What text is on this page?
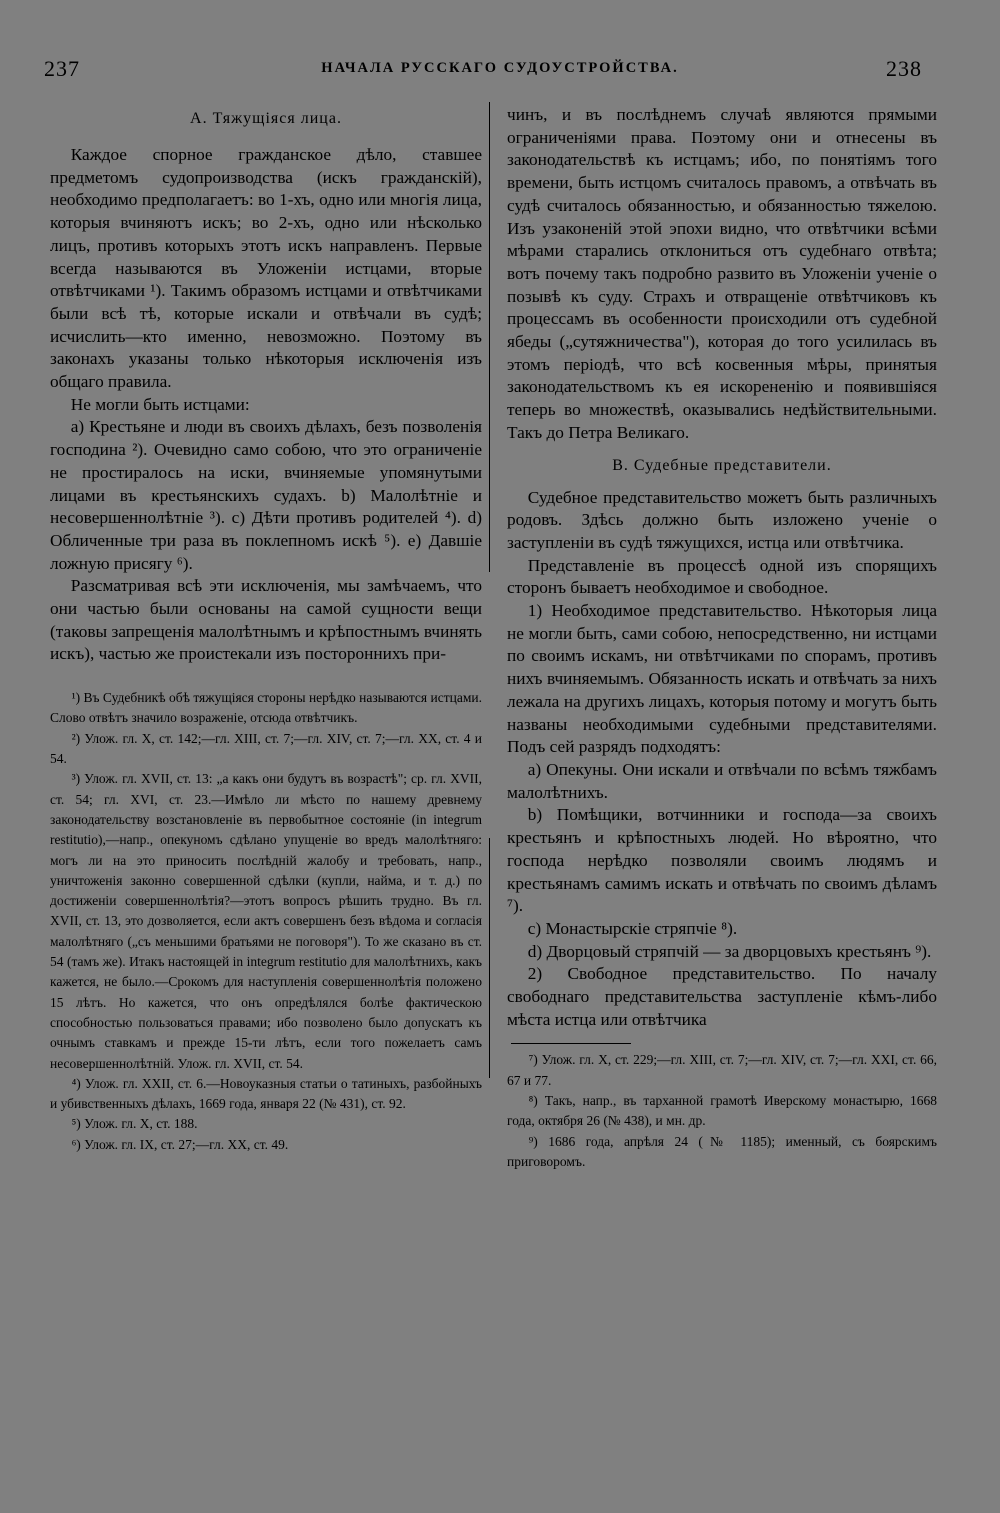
237	НАЧАЛА РУССКАГО СУДОУСТРОЙСТВА.	238
А. Тяжущіяся лица.

Каждое спорное гражданское дѣло, ставшее предметомъ судопроизводства (искъ гражданскій), необходимо предполагаетъ: во 1-хъ, одно или многія лица, которыя вчиняютъ искъ; во 2-хъ, одно или нѣсколько лицъ, противъ которыхъ этотъ искъ направленъ. Первые всегда называются въ Уложеніи истцами, вторые отвѣтчиками ¹). Такимъ образомъ истцами и отвѣтчиками были всѣ тѣ, которые искали и отвѣчали въ судѣ; исчислить—кто именно, невозможно. Поэтому въ законахъ указаны только нѣкоторыя исключенія изъ общаго правила.

Не могли быть истцами:

а) Крестьяне и люди въ своихъ дѣлахъ, безъ позволенія господина ²). Очевидно само собою, что это ограниченіе не простиралось на иски, вчиняемые упомянутыми лицами въ крестьянскихъ судахъ. b) Малолѣтніе и несовершеннолѣтніе ³). c) Дѣти противъ родителей ⁴). d) Обличенные три раза въ поклепномъ искѣ ⁵). e) Давшіе ложную присягу ⁶).

Разсматривая всѣ эти исключенія, мы замѣчаемъ, что они частью были основаны на самой сущности вещи (таковы запрещенія малолѣтнымъ и крѣпостнымъ вчинять искъ), частью же проистекали изъ постороннихъ при-

¹) Въ Судебникѣ обѣ тяжущіяся стороны нерѣдко называются истцами. Слово отвѣтъ значило возраженіе, отсюда отвѣтчикъ.

²) Улож. гл. X, ст. 142;—гл. XIII, ст. 7;—гл. XIV, ст. 7;—гл. XX, ст. 4 и 54.

³) Улож. гл. XVII, ст. 13: „а какъ они будутъ въ возрастѣ"; ср. гл. XVII, ст. 54; гл. XVI, ст. 23.—Имѣло ли мѣсто по нашему древнему законодательству возстановленіе въ первобытное состояніе (in integrum restitutio),—напр., опекуномъ сдѣлано упущеніе во вредъ малолѣтняго: могъ ли на это приносить послѣдній жалобу и требовать, напр., уничтоженія законно совершенной сдѣлки (купли, найма, и т. д.) по достиженіи совершеннолѣтія?—этотъ вопросъ рѣшить трудно. Въ гл. XVII, ст. 13, это дозволяется, если актъ совершенъ безъ вѣдома и согласія малолѣтняго („съ меньшими братьями не поговоря"). То же сказано въ ст. 54 (тамъ же). Итакъ настоящей in integrum restitutio для малолѣтнихъ, какъ кажется, не было.—Срокомъ для наступленія совершеннолѣтія положено 15 лѣтъ. Но кажется, что онъ опредѣлялся болѣе фактическою способностью пользоваться правами; ибо позволено было допускатъ къ очнымъ ставкамъ и прежде 15-ти лѣтъ, если того пожелаетъ самъ несовершеннолѣтній. Улож. гл. XVII, ст. 54.

⁴) Улож. гл. XXII, ст. 6.—Новоуказныя статьи о татиныхъ, разбойныхъ и убивственныхъ дѣлахъ, 1669 года, января 22 (№ 431), ст. 92.

⁵) Улож. гл. X, ст. 188.

⁶) Улож. гл. IX, ст. 27;—гл. XX, ст. 49.

чинъ, и въ послѣднемъ случаѣ являются прямыми ограниченіями права. Поэтому они и отнесены въ законодательствѣ къ истцамъ; ибо, по понятіямъ того времени, быть истцомъ считалось правомъ, а отвѣчать въ судѣ считалось обязанностью, и обязанностью тяжелою. Изъ узаконеній этой эпохи видно, что отвѣтчики всѣми мѣрами старались отклониться отъ судебнаго отвѣта; вотъ почему такъ подробно развито въ Уложеніи ученіе о позывѣ къ суду. Страхъ и отвращеніе отвѣтчиковъ къ процессамъ въ особенности происходили отъ судебной ябеды („сутяжничества"), которая до того усилилась въ этомъ періодѣ, что всѣ косвенныя мѣры, принятыя законодательствомъ къ ея искорененію и появившіяся теперь во множествѣ, оказывались недѣйствительными. Такъ до Петра Великаго.

B. Судебные представители.

Судебное представительство можетъ быть различныхъ родовъ. Здѣсь должно быть изложено ученіе о заступленіи въ судѣ тяжущихся, истца или отвѣтчика.

Представленіе въ процессѣ одной изъ спорящихъ сторонъ бываетъ необходимое и свободное.

1) Необходимое представительство. Нѣкоторыя лица не могли быть, сами собою, непосредственно, ни истцами по своимъ искамъ, ни отвѣтчиками по спорамъ, противъ нихъ вчиняемымъ. Обязанность искать и отвѣчать за нихъ лежала на другихъ лицахъ, которыя потому и могутъ быть названы необходимыми судебными представителями. Подъ сей разрядъ подходятъ:

а) Опекуны. Они искали и отвѣчали по всѣмъ тяжбамъ малолѣтнихъ.

b) Помѣщики, вотчинники и господа—за своихъ крестьянъ и крѣпостныхъ людей. Но вѣроятно, что господа нерѣдко позволяли своимъ людямъ и крестьянамъ самимъ искать и отвѣчать по своимъ дѣламъ ⁷).

c) Монастырскіе стряпчіе ⁸).

d) Дворцовый стряпчій — за дворцовыхъ крестьянъ ⁹).

2) Свободное представительство. По началу свободнаго представительства заступленіе кѣмъ-либо мѣста истца или отвѣтчика

⁷) Улож. гл. X, ст. 229;—гл. XIII, ст. 7;—гл. XIV, ст. 7;—гл. XXI, ст. 66, 67 и 77.

⁸) Такъ, напр., въ тарханной грамотѣ Иверскому монастырю, 1668 года, октября 26 (№ 438), и мн. др.

⁹) 1686 года, апрѣля 24 (№ 1185); именный, съ боярскимъ приговоромъ.
